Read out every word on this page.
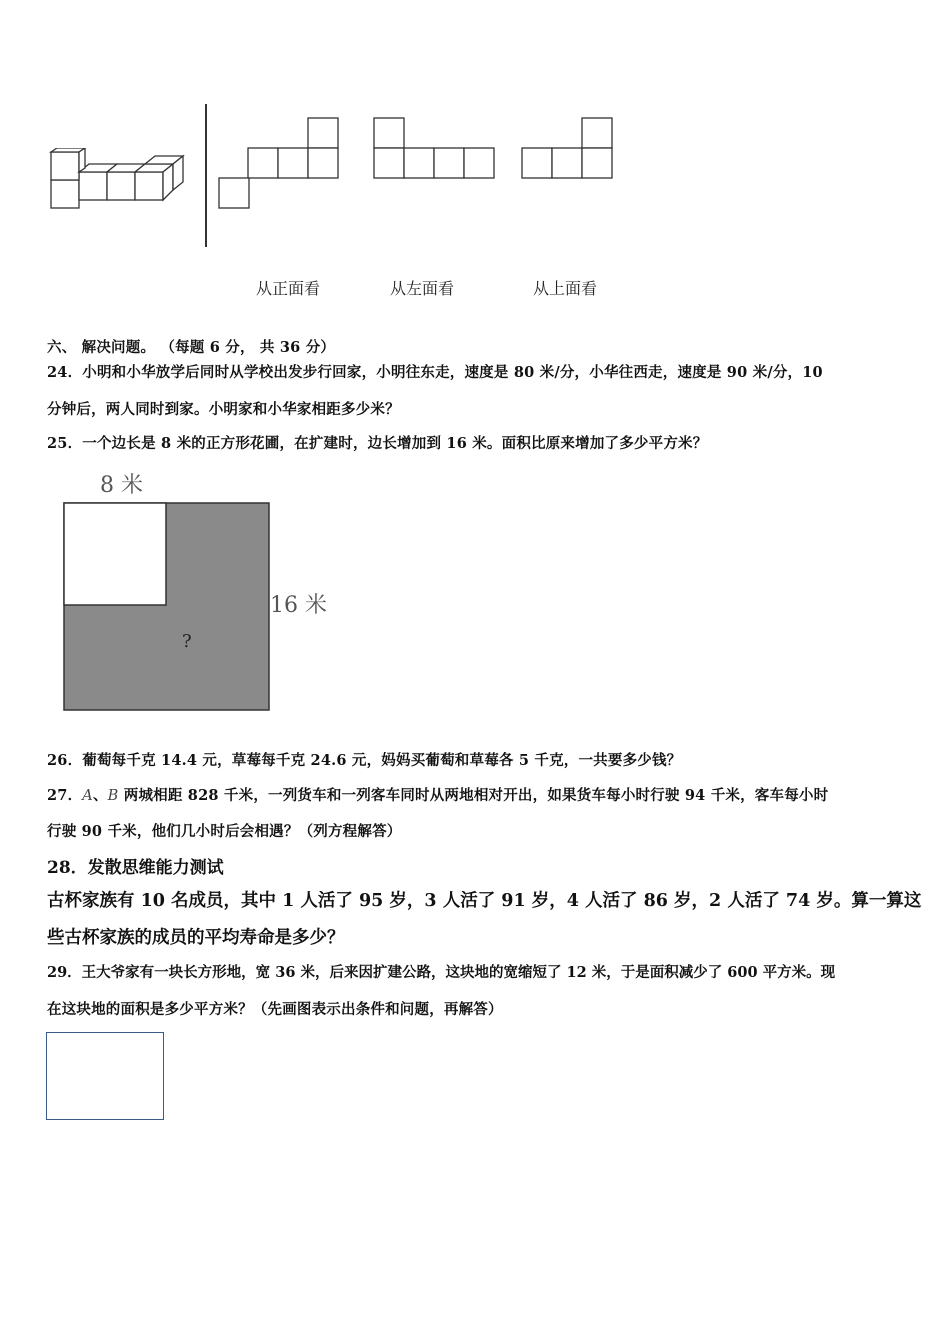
从正面看	从左面看	从上面看
六、 解决问题。 （每题 6 分， 共 36 分）
24．小明和小华放学后同时从学校出发步行回家，小明往东走，速度是 80 米/分，小华往西走，速度是 90 米/分，10
分钟后，两人同时到家。小明家和小华家相距多少米？
25．一个边长是 8 米的正方形花圃，在扩建时，边长增加到 16 米。面积比原来增加了多少平方米？
8 米
16 米
?
26．葡萄每千克 14.4 元，草莓每千克 24.6 元，妈妈买葡萄和草莓各 5 千克，一共要多少钱？
27．A、B 两城相距 828 千米，一列货车和一列客车同时从两地相对开出，如果货车每小时行驶 94 千米，客车每小时
行驶 90 千米，他们几小时后会相遇？（列方程解答）
28．发散思维能力测试
古杯家族有 10 名成员，其中 1 人活了 95 岁，3 人活了 91 岁，4 人活了 86 岁，2 人活了 74 岁。算一算这
些古杯家族的成员的平均寿命是多少？
29．王大爷家有一块长方形地，宽 36 米，后来因扩建公路，这块地的宽缩短了 12 米，于是面积减少了 600 平方米。现
在这块地的面积是多少平方米？（先画图表示出条件和问题，再解答）
